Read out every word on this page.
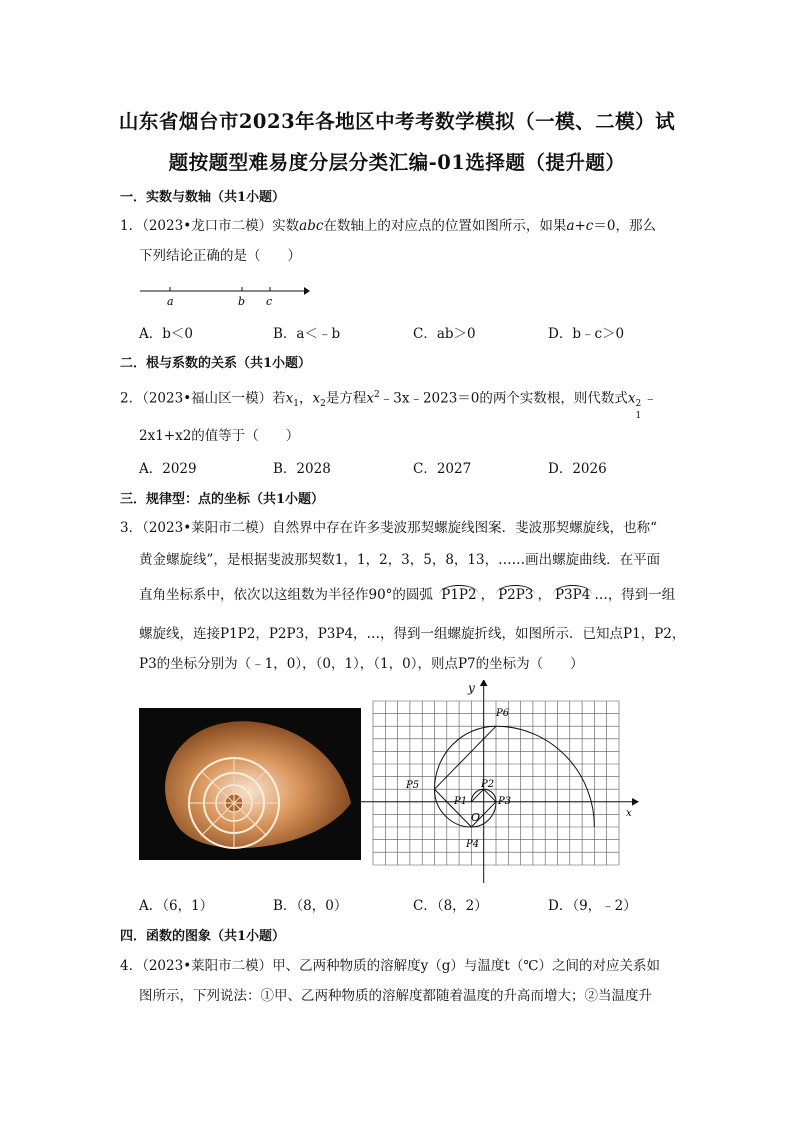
山东省烟台市2023年各地区中考考数学模拟（一模、二模）试
题按题型难易度分层分类汇编-01选择题（提升题）
一．实数与数轴（共1小题）
1．（2023•龙口市二模）实数abc在数轴上的对应点的位置如图所示，如果a+c＝0，那么
下列结论正确的是（　　）
a	b c
A．b＜0	B．a＜﹣b	C．ab＞0	D．b﹣c＞0
二．根与系数的关系（共1小题）
2．（2023•福山区一模）若$x_1$，$x_2$是方程$x^2﹣3x﹣2023=0$的两个实数根，则代数式x 2
1
﹣
2x1+x2的值等于（　　）
A．2029	B．2028	C．2027	D．2026
三．规律型：点的坐标（共1小题）
3．（2023•莱阳市二模）自然界中存在许多斐波那契螺旋线图案．斐波那契螺旋线，也称“
黄金螺旋线”，是根据斐波那契数1，1，2，3，5，8，13，……画出螺旋曲线．在平面
直角坐标系中，依次以这组数为半径作90°的圆弧 P1P2 ， P2P3 ， P3P4 …，得到一组
螺旋线，连接P1P2，P2P3，P3P4，…，得到一组螺旋折线，如图所示．已知点P1，P2，
P3的坐标分别为（﹣1，0），（0，1），（1，0），则点P7的坐标为（　　）
x
y
O
P1
P2
P3
P4
P5
P6
A．（6，1）	B．（8，0）	C．（8，2）	D．（9，﹣2）
四．函数的图象（共1小题）
4．（2023•莱阳市二模）甲、乙两种物质的溶解度y（g）与温度t（℃）之间的对应关系如
图所示，下列说法：①甲、乙两种物质的溶解度都随着温度的升高而增大；②当温度升
